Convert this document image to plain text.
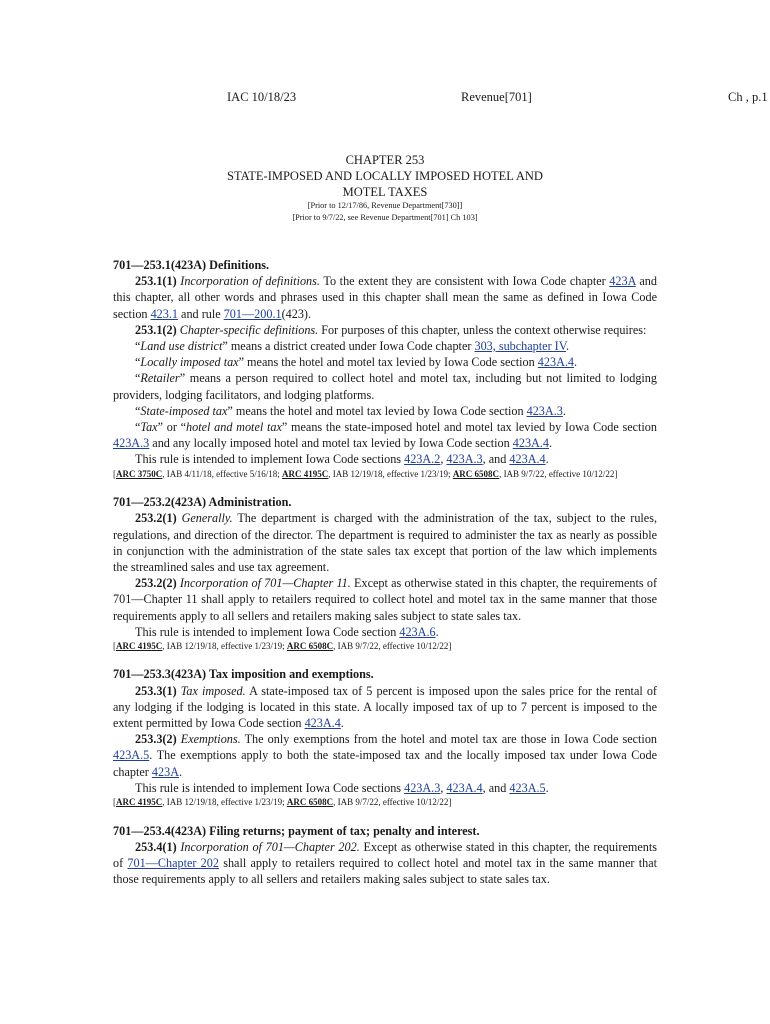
IAC 10/18/23	Revenue[701]	Ch , p.1
CHAPTER 253
STATE-IMPOSED AND LOCALLY IMPOSED HOTEL AND
MOTEL TAXES
[Prior to 12/17/86, Revenue Department[730]]
[Prior to 9/7/22, see Revenue Department[701] Ch 103]

701—253.1(423A) Definitions.

253.1(1) Incorporation of definitions. To the extent they are consistent with Iowa Code chapter 423A and this chapter, all other words and phrases used in this chapter shall mean the same as defined in Iowa Code section 423.1 and rule 701—200.1(423).

253.1(2) Chapter-specific definitions. For purposes of this chapter, unless the context otherwise requires:

“Land use district” means a district created under Iowa Code chapter 303, subchapter IV.

“Locally imposed tax” means the hotel and motel tax levied by Iowa Code section 423A.4.

“Retailer” means a person required to collect hotel and motel tax, including but not limited to lodging providers, lodging facilitators, and lodging platforms.

“State-imposed tax” means the hotel and motel tax levied by Iowa Code section 423A.3.

“Tax” or “hotel and motel tax” means the state-imposed hotel and motel tax levied by Iowa Code section 423A.3 and any locally imposed hotel and motel tax levied by Iowa Code section 423A.4.

This rule is intended to implement Iowa Code sections 423A.2, 423A.3, and 423A.4.

[ARC 3750C, IAB 4/11/18, effective 5/16/18; ARC 4195C, IAB 12/19/18, effective 1/23/19; ARC 6508C, IAB 9/7/22, effective 10/12/22]

701—253.2(423A) Administration.

253.2(1) Generally. The department is charged with the administration of the tax, subject to the rules, regulations, and direction of the director. The department is required to administer the tax as nearly as possible in conjunction with the administration of the state sales tax except that portion of the law which implements the streamlined sales and use tax agreement.

253.2(2) Incorporation of 701—Chapter 11. Except as otherwise stated in this chapter, the requirements of 701—Chapter 11 shall apply to retailers required to collect hotel and motel tax in the same manner that those requirements apply to all sellers and retailers making sales subject to state sales tax.

This rule is intended to implement Iowa Code section 423A.6.

[ARC 4195C, IAB 12/19/18, effective 1/23/19; ARC 6508C, IAB 9/7/22, effective 10/12/22]

701—253.3(423A) Tax imposition and exemptions.

253.3(1) Tax imposed. A state-imposed tax of 5 percent is imposed upon the sales price for the rental of any lodging if the lodging is located in this state. A locally imposed tax of up to 7 percent is imposed to the extent permitted by Iowa Code section 423A.4.

253.3(2) Exemptions. The only exemptions from the hotel and motel tax are those in Iowa Code section 423A.5. The exemptions apply to both the state-imposed tax and the locally imposed tax under Iowa Code chapter 423A.

This rule is intended to implement Iowa Code sections 423A.3, 423A.4, and 423A.5.

[ARC 4195C, IAB 12/19/18, effective 1/23/19; ARC 6508C, IAB 9/7/22, effective 10/12/22]

701—253.4(423A) Filing returns; payment of tax; penalty and interest.

253.4(1) Incorporation of 701—Chapter 202. Except as otherwise stated in this chapter, the requirements of 701—Chapter 202 shall apply to retailers required to collect hotel and motel tax in the same manner that those requirements apply to all sellers and retailers making sales subject to state sales tax.
